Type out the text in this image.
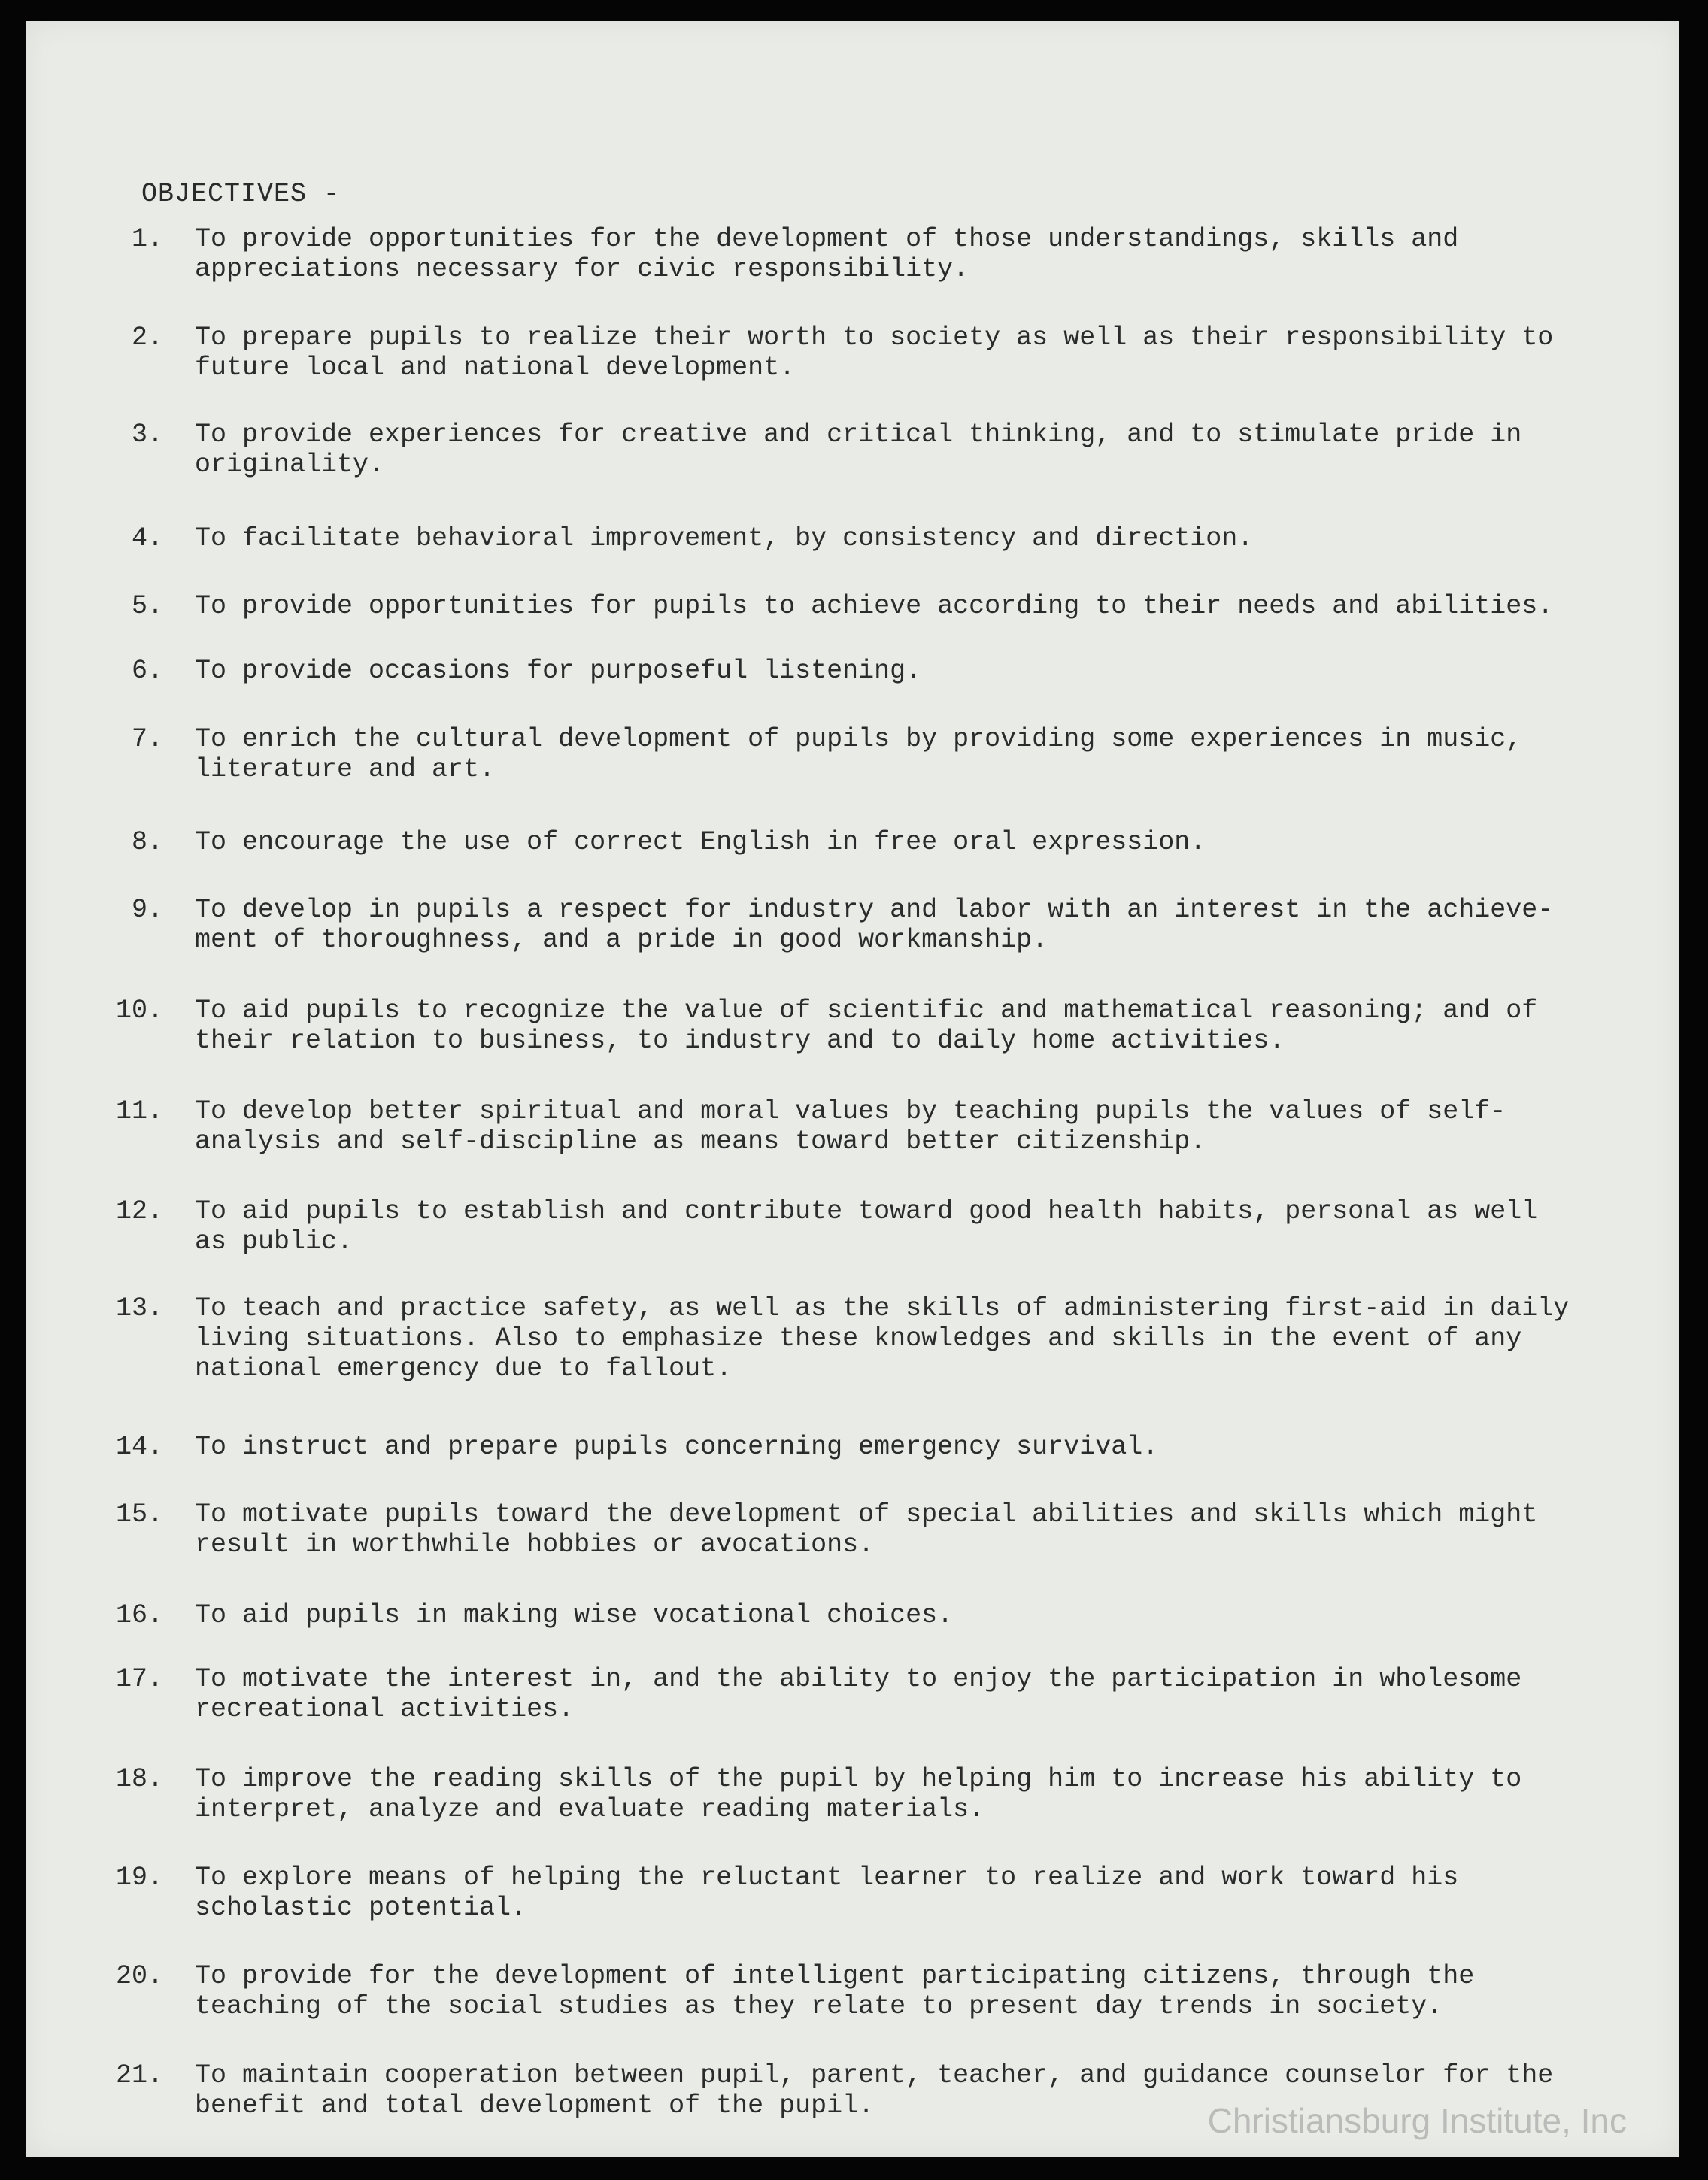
OBJECTIVES -
1. To provide opportunities for the development of those understandings, skills and
appreciations necessary for civic responsibility.
2. To prepare pupils to realize their worth to society as well as their responsibility to
future local and national development.
3. To provide experiences for creative and critical thinking, and to stimulate pride in
originality.
4. To facilitate behavioral improvement, by consistency and direction.
5. To provide opportunities for pupils to achieve according to their needs and abilities.
6. To provide occasions for purposeful listening.
7. To enrich the cultural development of pupils by providing some experiences in music,
literature and art.
8. To encourage the use of correct English in free oral expression.
9. To develop in pupils a respect for industry and labor with an interest in the achieve-
ment of thoroughness, and a pride in good workmanship.
10. To aid pupils to recognize the value of scientific and mathematical reasoning; and of
their relation to business, to industry and to daily home activities.
11. To develop better spiritual and moral values by teaching pupils the values of self-
analysis and self-discipline as means toward better citizenship.
12. To aid pupils to establish and contribute toward good health habits, personal as well
as public.
13. To teach and practice safety, as well as the skills of administering first-aid in daily
living situations. Also to emphasize these knowledges and skills in the event of any
national emergency due to fallout.
14. To instruct and prepare pupils concerning emergency survival.
15. To motivate pupils toward the development of special abilities and skills which might
result in worthwhile hobbies or avocations.
16. To aid pupils in making wise vocational choices.
17. To motivate the interest in, and the ability to enjoy the participation in wholesome
recreational activities.
18. To improve the reading skills of the pupil by helping him to increase his ability to
interpret, analyze and evaluate reading materials.
19. To explore means of helping the reluctant learner to realize and work toward his
scholastic potential.
20. To provide for the development of intelligent participating citizens, through the
teaching of the social studies as they relate to present day trends in society.
21. To maintain cooperation between pupil, parent, teacher, and guidance counselor for the
benefit and total development of the pupil.	Christiansburg Institute, Inc
